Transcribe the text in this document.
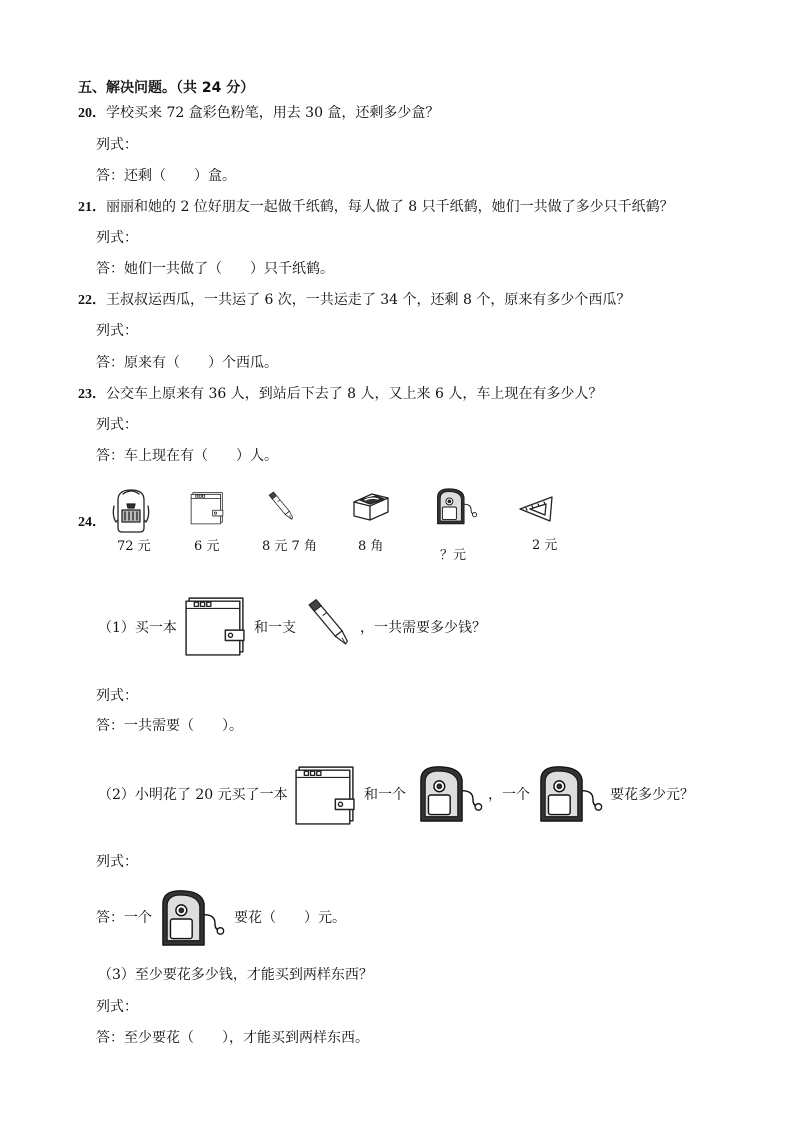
五、解决问题。（共 24 分）
20．学校买来 72 盒彩色粉笔，用去 30 盒，还剩多少盒？
列式：
答：还剩（　　）盒。
21．丽丽和她的 2 位好朋友一起做千纸鹤，每人做了 8 只千纸鹤，她们一共做了多少只千纸鹤？
列式：
答：她们一共做了（　　）只千纸鹤。
22．王叔叔运西瓜，一共运了 6 次，一共运走了 34 个，还剩 8 个，原来有多少个西瓜？
列式：
答：原来有（　　）个西瓜。
23．公交车上原来有 36 人，到站后下去了 8 人，又上来 6 人，车上现在有多少人？
列式：
答：车上现在有（　　）人。
24．
72 元	6 元	8 元 7 角	8 角
？元
2 元
（1）买一本	和一支	，一共需要多少钱？
列式：
答：一共需要（　　）。
（2）小明花了 20 元买了一本	和一个	，一个	要花多少元？
列式：
答：一个	要花（　　）元。
（3）至少要花多少钱，才能买到两样东西？
列式：
答：至少要花（　　），才能买到两样东西。
